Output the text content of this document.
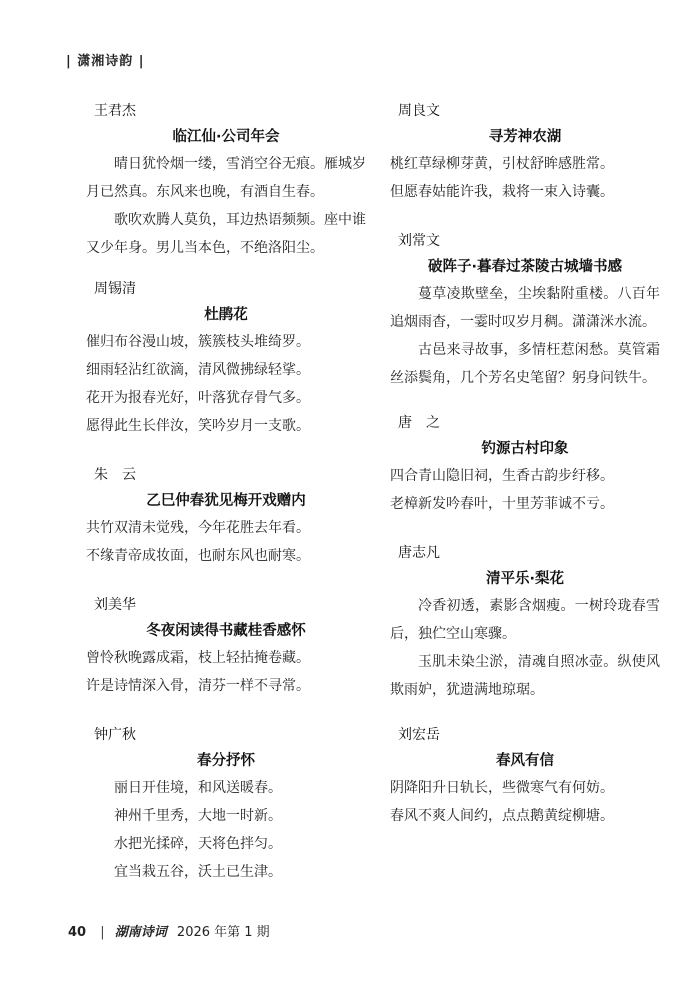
| 潇湘诗韵 |
王君杰
临江仙·公司年会
晴日犹怜烟一缕，雪消空谷无痕。雁城岁月已然真。东风来也晚，有酒自生春。
歌吹欢腾人莫负，耳边热语频频。座中谁又少年身。男儿当本色，不绝洛阳尘。
周锡清
杜鹃花
催归布谷漫山坡，簇簇枝头堆绮罗。
细雨轻沾红欲滴，清风微拂绿轻挲。
花开为报春光好，叶落犹存骨气多。
愿得此生长伴汝，笑吟岁月一支歌。
朱　云
乙巳仲春犹见梅开戏赠内
共竹双清未觉残，今年花胜去年看。
不缘青帝成妆面，也耐东风也耐寒。
刘美华
冬夜闲读得书藏桂香感怀
曾怜秋晚露成霜，枝上轻拈掩卷藏。
许是诗情深入骨，清芬一样不寻常。
钟广秋
春分抒怀
丽日开佳境，和风送暖春。
神州千里秀，大地一时新。
水把光揉碎，天将色拌匀。
宜当栽五谷，沃土已生津。
周良文
寻芳神农湖
桃红草绿柳芽黄，引杖舒眸感胜常。
但愿春姑能许我，栽将一束入诗囊。
刘常文
破阵子·暮春过茶陵古城墙书感
蔓草凌欺壁垒，尘埃黏附重楼。八百年追烟雨杳，一霎时叹岁月稠。潇潇洣水流。
古邑来寻故事，多情枉惹闲愁。莫管霜丝添鬓角，几个芳名史笔留？躬身问铁牛。
唐　之
钓源古村印象
四合青山隐旧祠，生香古韵步纡移。
老樟新发吟春叶，十里芳菲诚不亏。
唐志凡
清平乐·梨花
冷香初透，素影含烟瘦。一树玲珑春雪后，独伫空山寒骤。
玉肌未染尘淤，清魂自照冰壶。纵使风欺雨妒，犹遗满地琼琚。
刘宏岳
春风有信
阴降阳升日轨长，些微寒气有何妨。
春风不爽人间约，点点鹅黄绽柳塘。
40 | 湖南诗词 2026 年第 1 期
